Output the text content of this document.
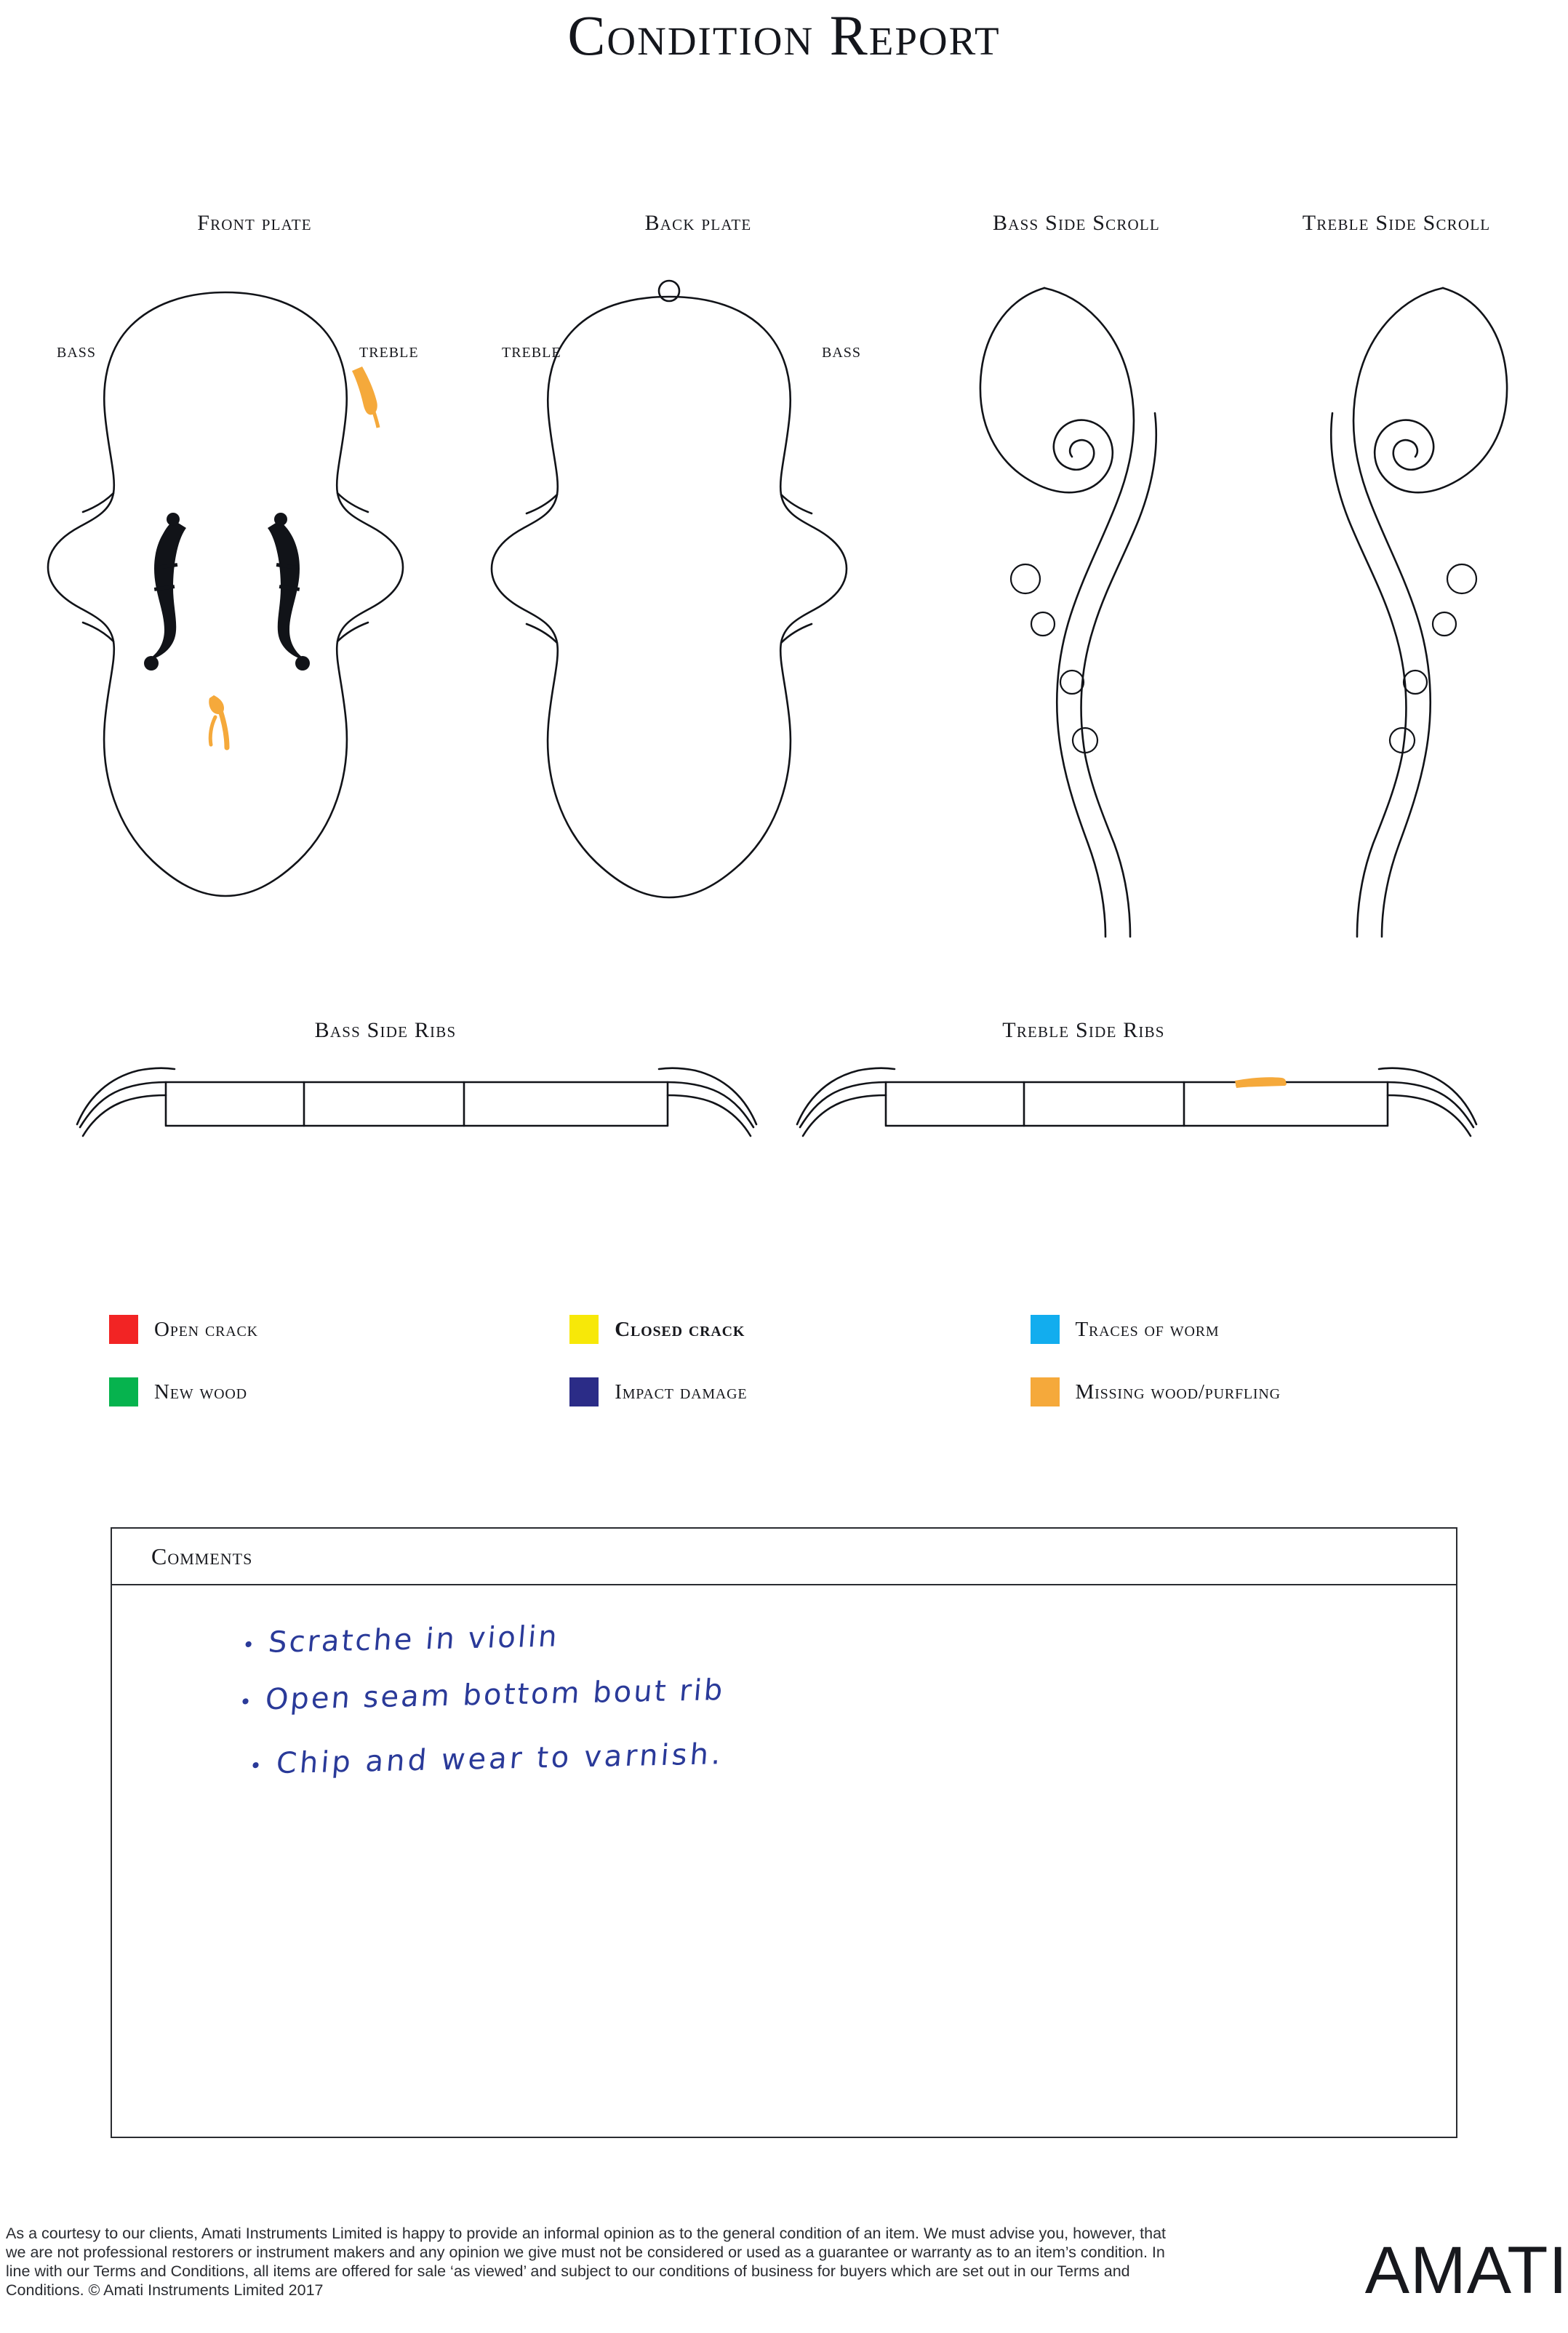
Condition Report
Front plate	Back plate	Bass Side Scroll	Treble Side Scroll
BASS	TREBLE	TREBLE	BASS
Bass Side Ribs	Treble Side Ribs
Open crack	Closed crack	Traces of worm
New wood	Impact damage	Missing wood/purfling
Comments
• Scratche in violin
• Open seam bottom bout rib
• Chip and wear to varnish.
As a courtesy to our clients, Amati Instruments Limited is happy to provide an informal opinion as to the general condition of an item. We must advise you, however, that we are not professional restorers or instrument makers and any opinion we give must not be considered or used as a guarantee or warranty as to an item’s condition. In line with our Terms and Conditions, all items are offered for sale ‘as viewed’ and subject to our conditions of business for buyers which are set out in our Terms and Conditions. © Amati Instruments Limited 2017	AMATI
